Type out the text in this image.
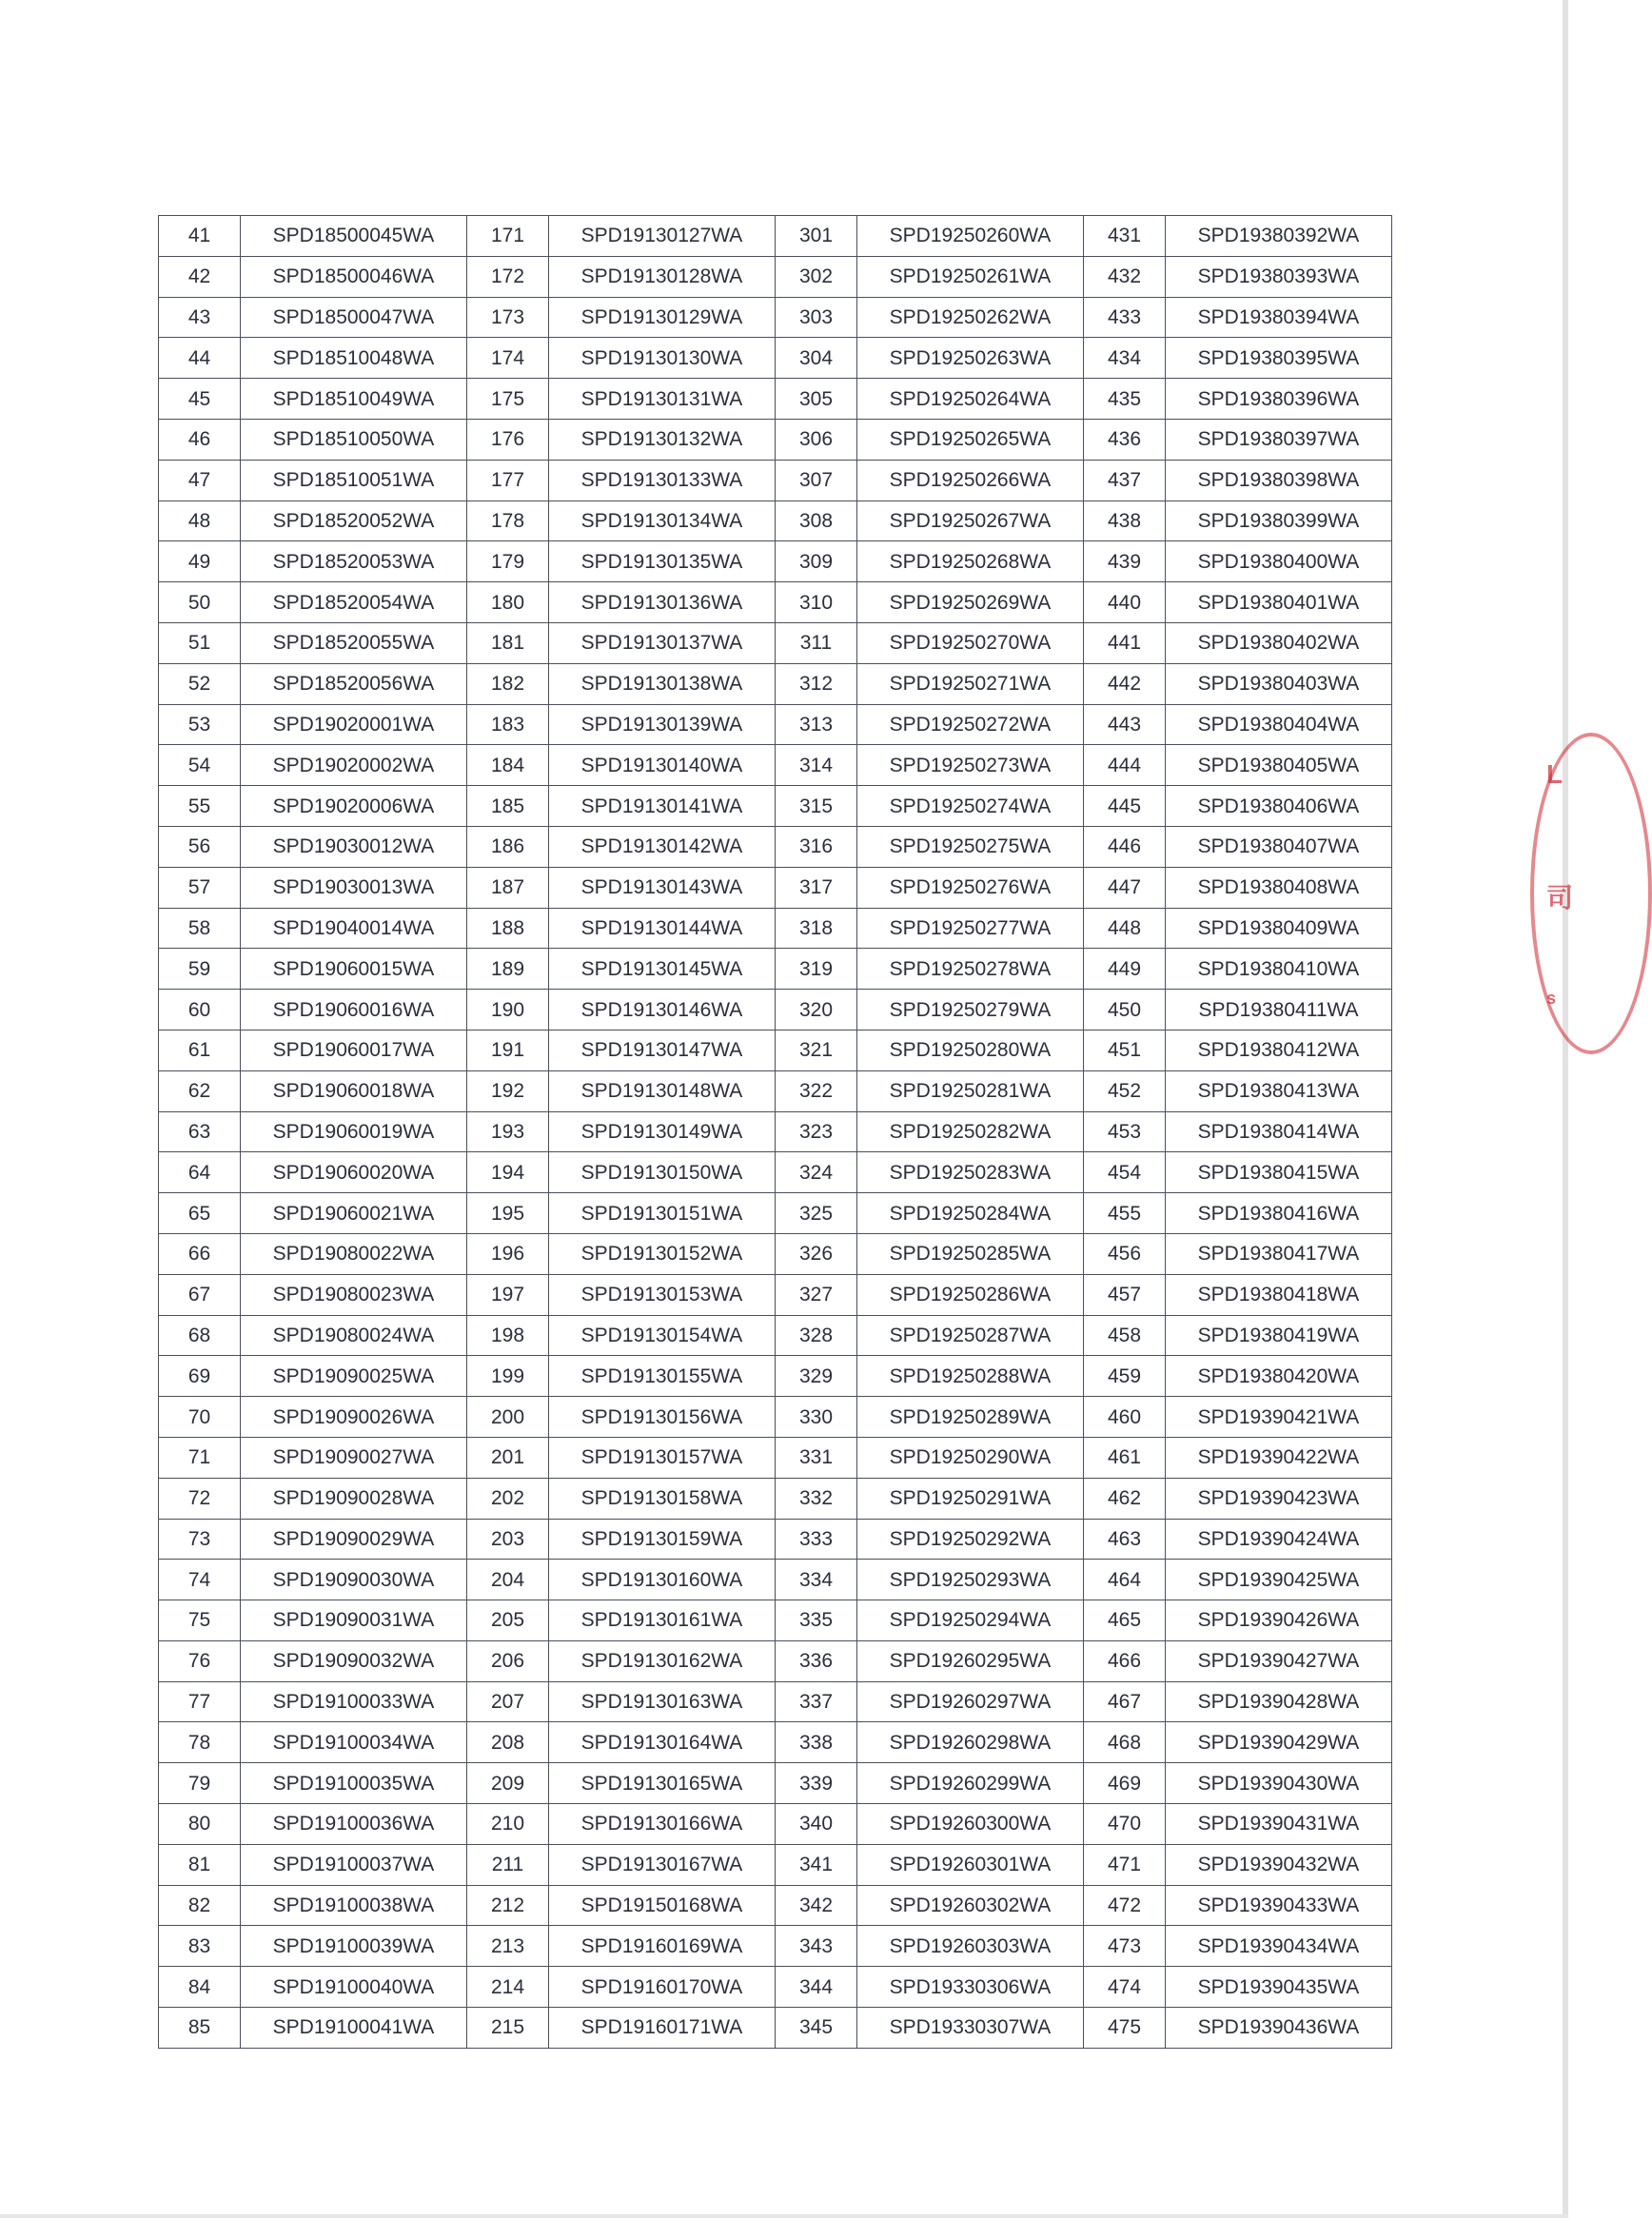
41	SPD18500045WA	171	SPD19130127WA	301	SPD19250260WA	431	SPD19380392WA
42	SPD18500046WA	172	SPD19130128WA	302	SPD19250261WA	432	SPD19380393WA
43	SPD18500047WA	173	SPD19130129WA	303	SPD19250262WA	433	SPD19380394WA
44	SPD18510048WA	174	SPD19130130WA	304	SPD19250263WA	434	SPD19380395WA
45	SPD18510049WA	175	SPD19130131WA	305	SPD19250264WA	435	SPD19380396WA
46	SPD18510050WA	176	SPD19130132WA	306	SPD19250265WA	436	SPD19380397WA
47	SPD18510051WA	177	SPD19130133WA	307	SPD19250266WA	437	SPD19380398WA
48	SPD18520052WA	178	SPD19130134WA	308	SPD19250267WA	438	SPD19380399WA
49	SPD18520053WA	179	SPD19130135WA	309	SPD19250268WA	439	SPD19380400WA
50	SPD18520054WA	180	SPD19130136WA	310	SPD19250269WA	440	SPD19380401WA
51	SPD18520055WA	181	SPD19130137WA	311	SPD19250270WA	441	SPD19380402WA
52	SPD18520056WA	182	SPD19130138WA	312	SPD19250271WA	442	SPD19380403WA
53	SPD19020001WA	183	SPD19130139WA	313	SPD19250272WA	443	SPD19380404WA
54	SPD19020002WA	184	SPD19130140WA	314	SPD19250273WA	444	SPD19380405WA
55	SPD19020006WA	185	SPD19130141WA	315	SPD19250274WA	445	SPD19380406WA
56	SPD19030012WA	186	SPD19130142WA	316	SPD19250275WA	446	SPD19380407WA
57	SPD19030013WA	187	SPD19130143WA	317	SPD19250276WA	447	SPD19380408WA
58	SPD19040014WA	188	SPD19130144WA	318	SPD19250277WA	448	SPD19380409WA
59	SPD19060015WA	189	SPD19130145WA	319	SPD19250278WA	449	SPD19380410WA
60	SPD19060016WA	190	SPD19130146WA	320	SPD19250279WA	450	SPD19380411WA
61	SPD19060017WA	191	SPD19130147WA	321	SPD19250280WA	451	SPD19380412WA
62	SPD19060018WA	192	SPD19130148WA	322	SPD19250281WA	452	SPD19380413WA
63	SPD19060019WA	193	SPD19130149WA	323	SPD19250282WA	453	SPD19380414WA
64	SPD19060020WA	194	SPD19130150WA	324	SPD19250283WA	454	SPD19380415WA
65	SPD19060021WA	195	SPD19130151WA	325	SPD19250284WA	455	SPD19380416WA
66	SPD19080022WA	196	SPD19130152WA	326	SPD19250285WA	456	SPD19380417WA
67	SPD19080023WA	197	SPD19130153WA	327	SPD19250286WA	457	SPD19380418WA
68	SPD19080024WA	198	SPD19130154WA	328	SPD19250287WA	458	SPD19380419WA
69	SPD19090025WA	199	SPD19130155WA	329	SPD19250288WA	459	SPD19380420WA
70	SPD19090026WA	200	SPD19130156WA	330	SPD19250289WA	460	SPD19390421WA
71	SPD19090027WA	201	SPD19130157WA	331	SPD19250290WA	461	SPD19390422WA
72	SPD19090028WA	202	SPD19130158WA	332	SPD19250291WA	462	SPD19390423WA
73	SPD19090029WA	203	SPD19130159WA	333	SPD19250292WA	463	SPD19390424WA
74	SPD19090030WA	204	SPD19130160WA	334	SPD19250293WA	464	SPD19390425WA
75	SPD19090031WA	205	SPD19130161WA	335	SPD19250294WA	465	SPD19390426WA
76	SPD19090032WA	206	SPD19130162WA	336	SPD19260295WA	466	SPD19390427WA
77	SPD19100033WA	207	SPD19130163WA	337	SPD19260297WA	467	SPD19390428WA
78	SPD19100034WA	208	SPD19130164WA	338	SPD19260298WA	468	SPD19390429WA
79	SPD19100035WA	209	SPD19130165WA	339	SPD19260299WA	469	SPD19390430WA
80	SPD19100036WA	210	SPD19130166WA	340	SPD19260300WA	470	SPD19390431WA
81	SPD19100037WA	211	SPD19130167WA	341	SPD19260301WA	471	SPD19390432WA
82	SPD19100038WA	212	SPD19150168WA	342	SPD19260302WA	472	SPD19390433WA
83	SPD19100039WA	213	SPD19160169WA	343	SPD19260303WA	473	SPD19390434WA
84	SPD19100040WA	214	SPD19160170WA	344	SPD19330306WA	474	SPD19390435WA
85	SPD19100041WA	215	SPD19160171WA	345	SPD19330307WA	475	SPD19390436WA
L
司
s
